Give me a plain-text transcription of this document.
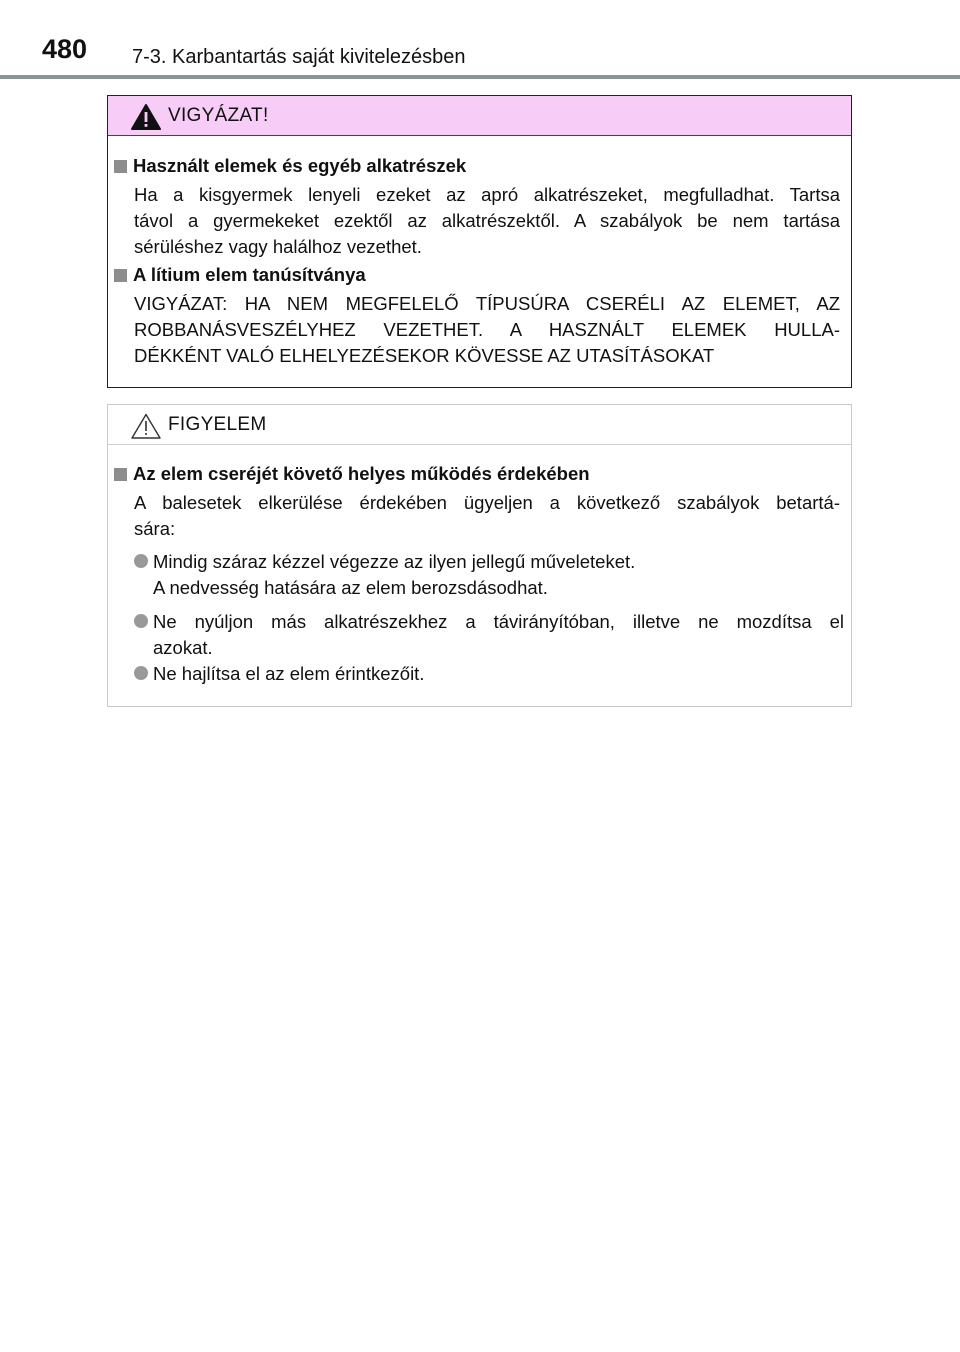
480 7-3. Karbantartás saját kivitelezésben
VIGYÁZAT!
Használt elemek és egyéb alkatrészek
Ha a kisgyermek lenyeli ezeket az apró alkatrészeket, megfulladhat. Tartsa
távol a gyermekeket ezektől az alkatrészektől. A szabályok be nem tartása
sérüléshez vagy halálhoz vezethet.
A lítium elem tanúsítványa
VIGYÁZAT: HA NEM MEGFELELŐ TÍPUSÚRA CSERÉLI AZ ELEMET, AZ
ROBBANÁSVESZÉLYHEZ VEZETHET. A HASZNÁLT ELEMEK HULLA-
DÉKKÉNT VALÓ ELHELYEZÉSEKOR KÖVESSE AZ UTASÍTÁSOKAT
FIGYELEM
Az elem cseréjét követő helyes működés érdekében
A balesetek elkerülése érdekében ügyeljen a következő szabályok betartá-
sára:
Mindig száraz kézzel végezze az ilyen jellegű műveleteket.
A nedvesség hatására az elem berozsdásodhat.
Ne nyúljon más alkatrészekhez a távirányítóban, illetve ne mozdítsa el
azokat.
Ne hajlítsa el az elem érintkezőit.
